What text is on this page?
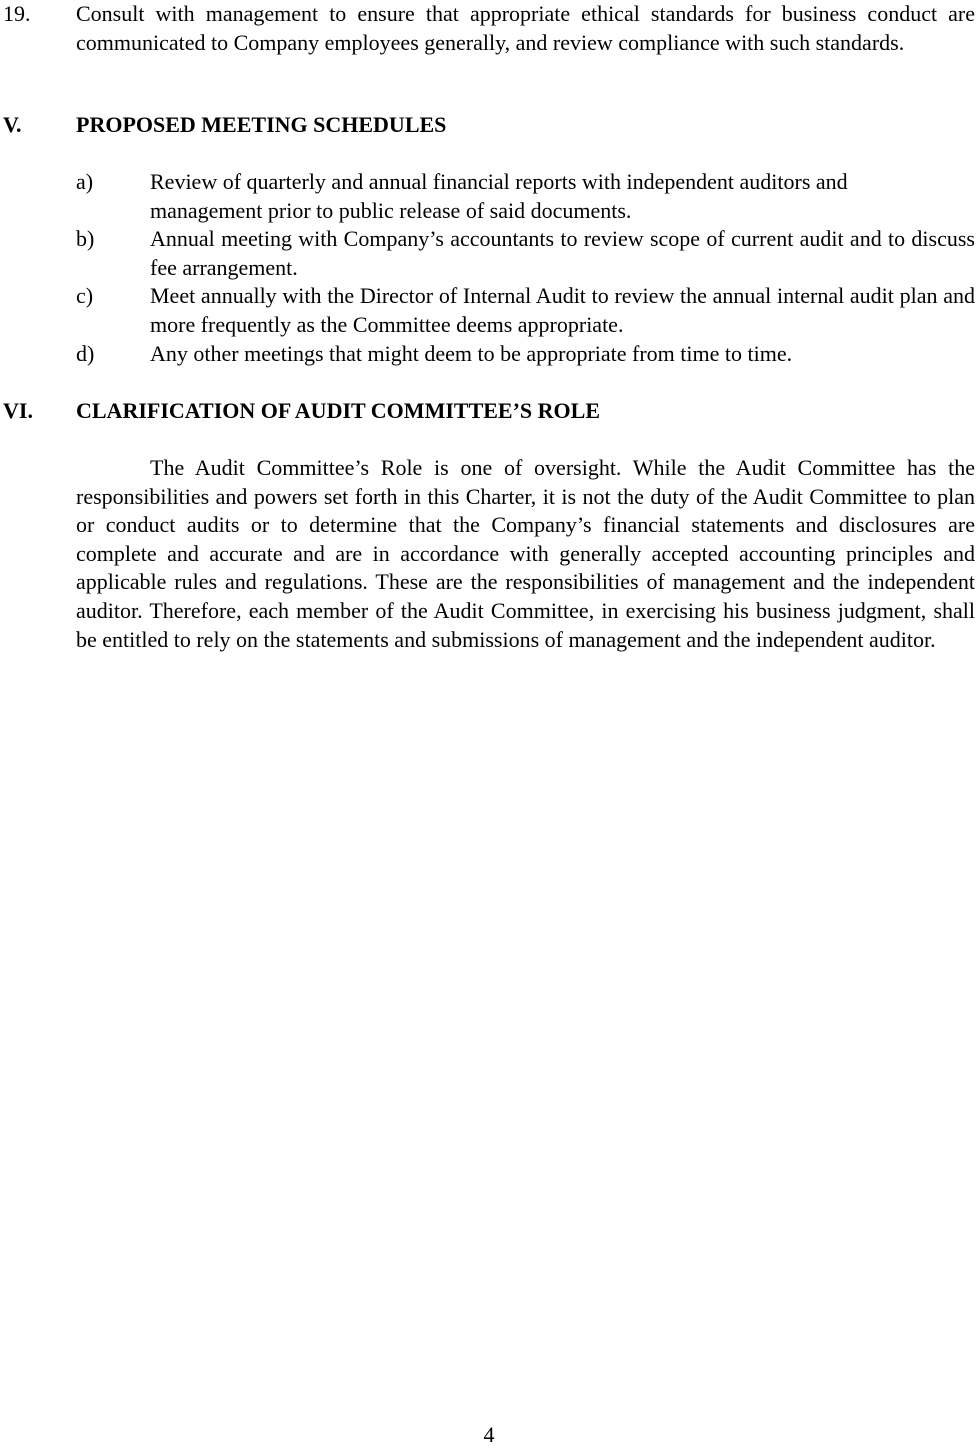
19. Consult with management to ensure that appropriate ethical standards for business conduct are communicated to Company employees generally, and review compliance with such standards.
V. PROPOSED MEETING SCHEDULES
a)	Review of quarterly and annual financial reports with independent auditors and management prior to public release of said documents.
b)	Annual meeting with Company’s accountants to review scope of current audit and to discuss fee arrangement.
c)	Meet annually with the Director of Internal Audit to review the annual internal audit plan and more frequently as the Committee deems appropriate.
d)	Any other meetings that might deem to be appropriate from time to time.
VI. CLARIFICATION OF AUDIT COMMITTEE’S ROLE
The Audit Committee’s Role is one of oversight. While the Audit Committee has the responsibilities and powers set forth in this Charter, it is not the duty of the Audit Committee to plan or conduct audits or to determine that the Company’s financial statements and disclosures are complete and accurate and are in accordance with generally accepted accounting principles and applicable rules and regulations. These are the responsibilities of management and the independent auditor. Therefore, each member of the Audit Committee, in exercising his business judgment, shall be entitled to rely on the statements and submissions of management and the independent auditor.
4
